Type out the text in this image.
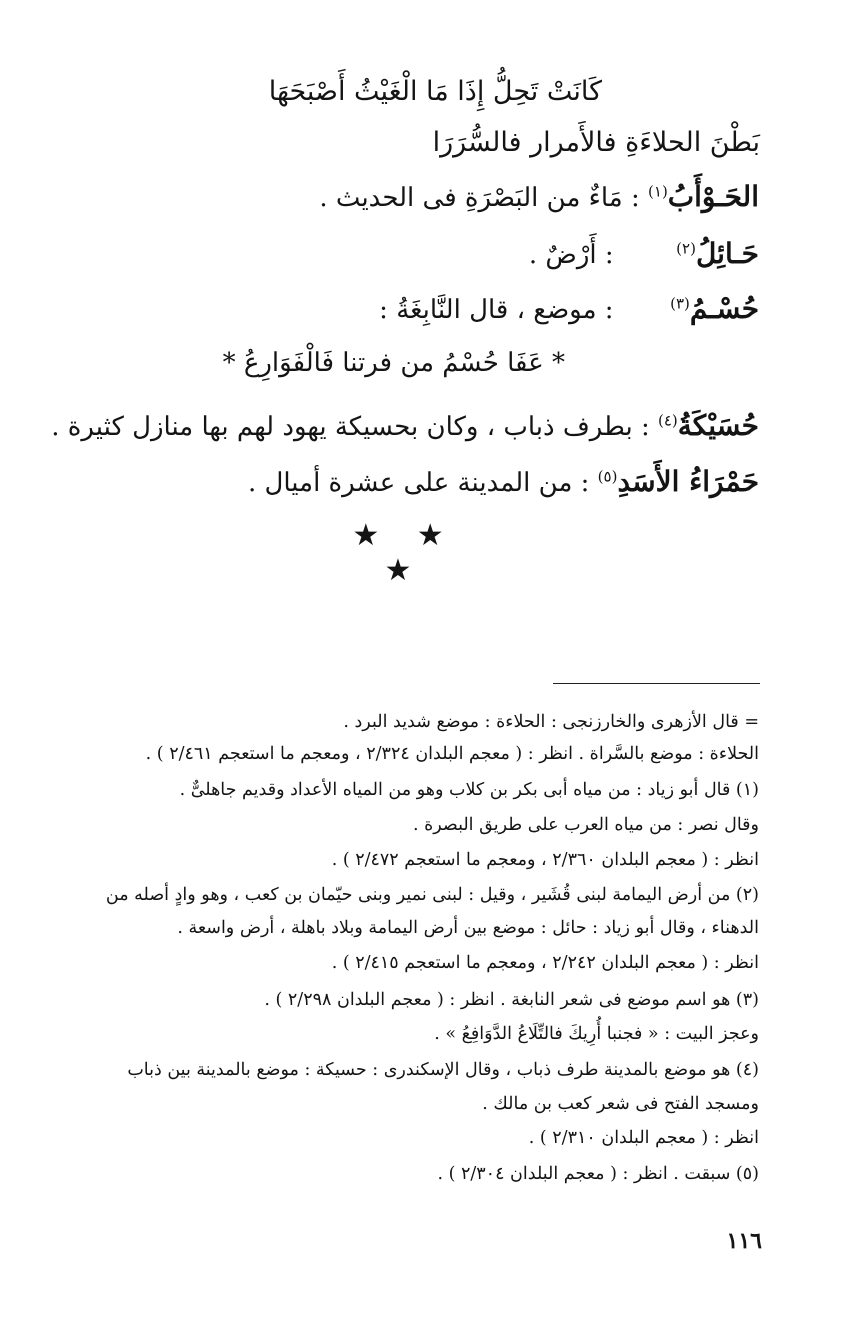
كَانَتْ تَحِلُّ إِذَا مَا الْغَيْثُ أَصْبَحَهَا
بَطْنَ الحلاءَةِ فالأَمرار فالسُّرَرَا
الحَـوْأَبُ$^{(١)}$ : مَاءٌ من البَصْرَةِ فى الحديث .
حَـائِلُ$^{(٢)}$  : أَرْضٌ .
حُسْـمُ$^{(٣)}$  : موضع ، قال النَّابِغَةُ :
* عَفَا حُسْمُ من فرتنا فَالْفَوَارِعُ *
حُسَيْكَةُ$^{(٤)}$ : بطرف ذباب ، وكان بحسيكة يهود لهم بها منازل كثيرة .
حَمْرَاءُ الأَسَدِ$^{(٥)}$ : من المدينة على عشرة أميال .
★ ★ ★
= قال الأزهرى والخارزنجى : الحلاءة : موضع شديد البرد .
الحلاءة : موضع بالسَّراة . انظر : ( معجم البلدان ٢/٣٢٤ ، ومعجم ما استعجم ٢/٤٦١ ) .
(١) قال أبو زياد : من مياه أبى بكر بن كلاب وهو من المياه الأعداد وقديم جاهلىٌّ .
وقال نصر : من مياه العرب على طريق البصرة .
انظر : ( معجم البلدان ٢/٣٦٠ ، ومعجم ما استعجم ٢/٤٧٢ ) .
(٢) من أرض اليمامة لبنى قُشَير ، وقيل : لبنى نمير وبنى حيّمان بن كعب ، وهو وادٍ أصله من
الدهناء ، وقال أبو زياد : حائل : موضع بين أرض اليمامة وبلاد باهلة ، أرض واسعة .
انظر : ( معجم البلدان ٢/٢٤٢ ، ومعجم ما استعجم ٢/٤١٥ ) .
(٣) هو اسم موضع فى شعر النابغة . انظر : ( معجم البلدان ٢/٢٩٨ ) .
وعجز البيت : « فجنبا أُرِيكَ فالتِّلَاعُ الدَّوَافِعُ » .
(٤) هو موضع بالمدينة طرف ذباب ، وقال الإسكندرى : حسيكة : موضع بالمدينة بين ذباب
ومسجد الفتح فى شعر كعب بن مالك .
انظر : ( معجم البلدان ٢/٣١٠ ) .
(٥) سبقت . انظر : ( معجم البلدان ٢/٣٠٤ ) .
١١٦
